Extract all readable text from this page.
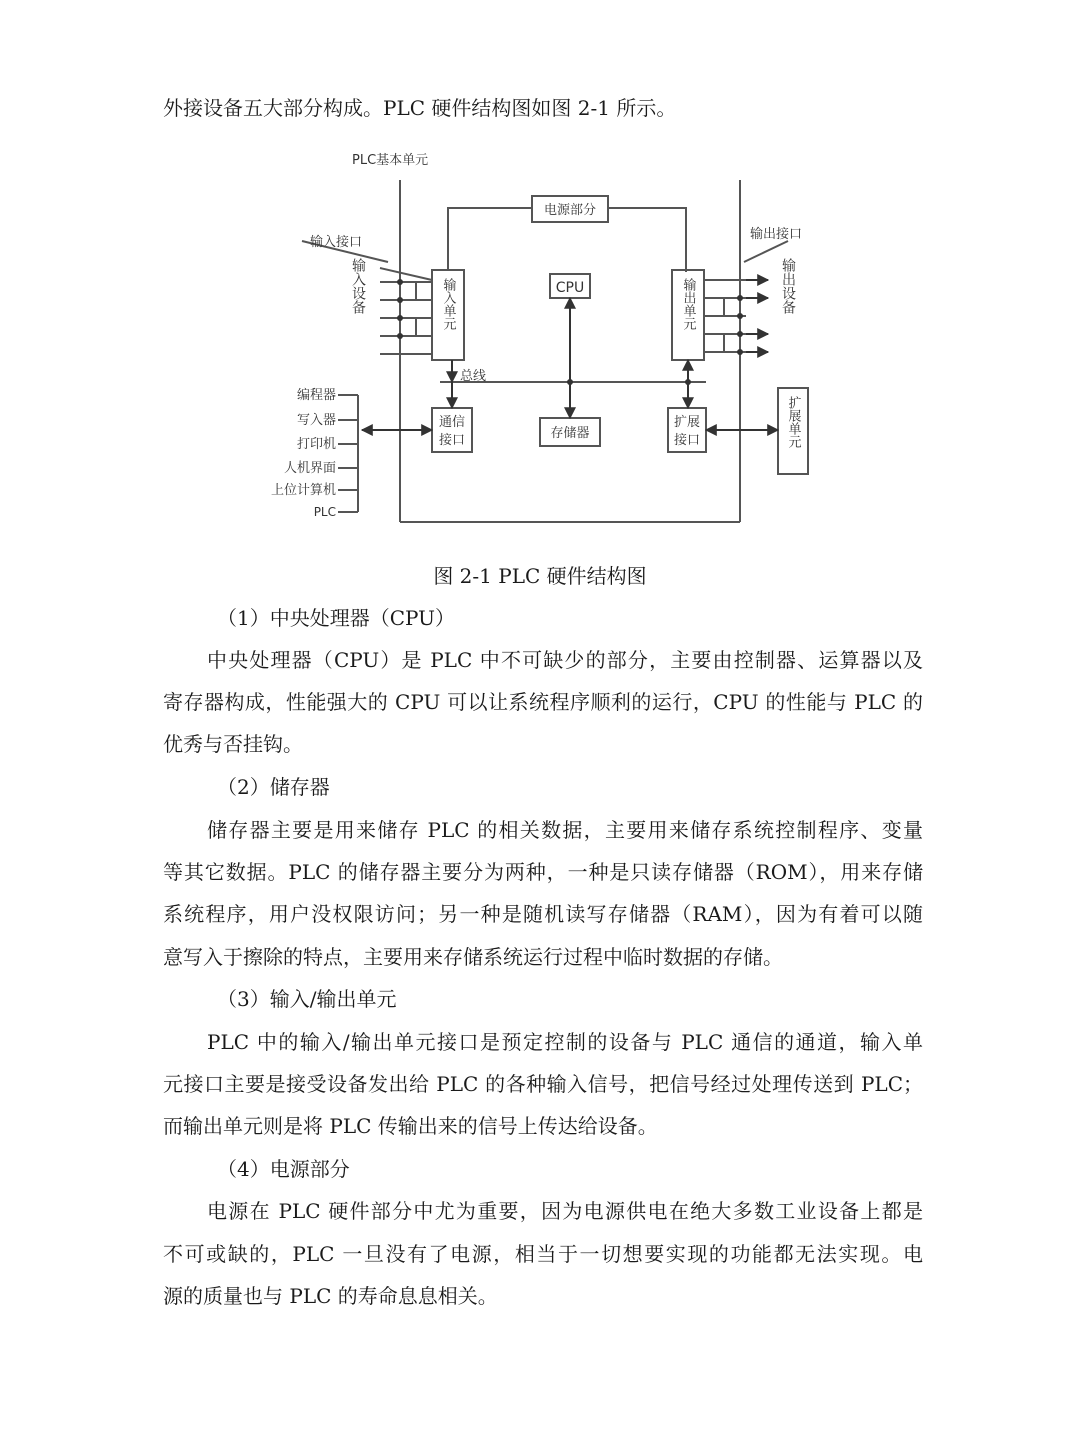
外接设备五大部分构成。PLC 硬件结构图如图 2-1 所示。
PLC基本单元
电源部分
输入接口
输出接口
CPU
总线
存储器
通信
接口
扩展
接口
输入设备	输出设备
输入单元	输出单元
扩展单元
编程器
写入器
打印机
人机界面
上位计算机
PLC
图 2-1 PLC 硬件结构图
（1）中央处理器（CPU）
中央处理器（CPU）是 PLC 中不可缺少的部分，主要由控制器、运算器以及
寄存器构成，性能强大的 CPU 可以让系统程序顺利的运行，CPU 的性能与 PLC 的
优秀与否挂钩。
（2）储存器
储存器主要是用来储存 PLC 的相关数据，主要用来储存系统控制程序、变量
等其它数据。PLC 的储存器主要分为两种，一种是只读存储器（ROM），用来存储
系统程序，用户没权限访问；另一种是随机读写存储器（RAM），因为有着可以随
意写入于擦除的特点，主要用来存储系统运行过程中临时数据的存储。
（3）输入/输出单元
PLC 中的输入/输出单元接口是预定控制的设备与 PLC 通信的通道，输入单
元接口主要是接受设备发出给 PLC 的各种输入信号，把信号经过处理传送到 PLC；
而输出单元则是将 PLC 传输出来的信号上传达给设备。
（4）电源部分
电源在 PLC 硬件部分中尤为重要，因为电源供电在绝大多数工业设备上都是
不可或缺的，PLC 一旦没有了电源，相当于一切想要实现的功能都无法实现。电
源的质量也与 PLC 的寿命息息相关。
